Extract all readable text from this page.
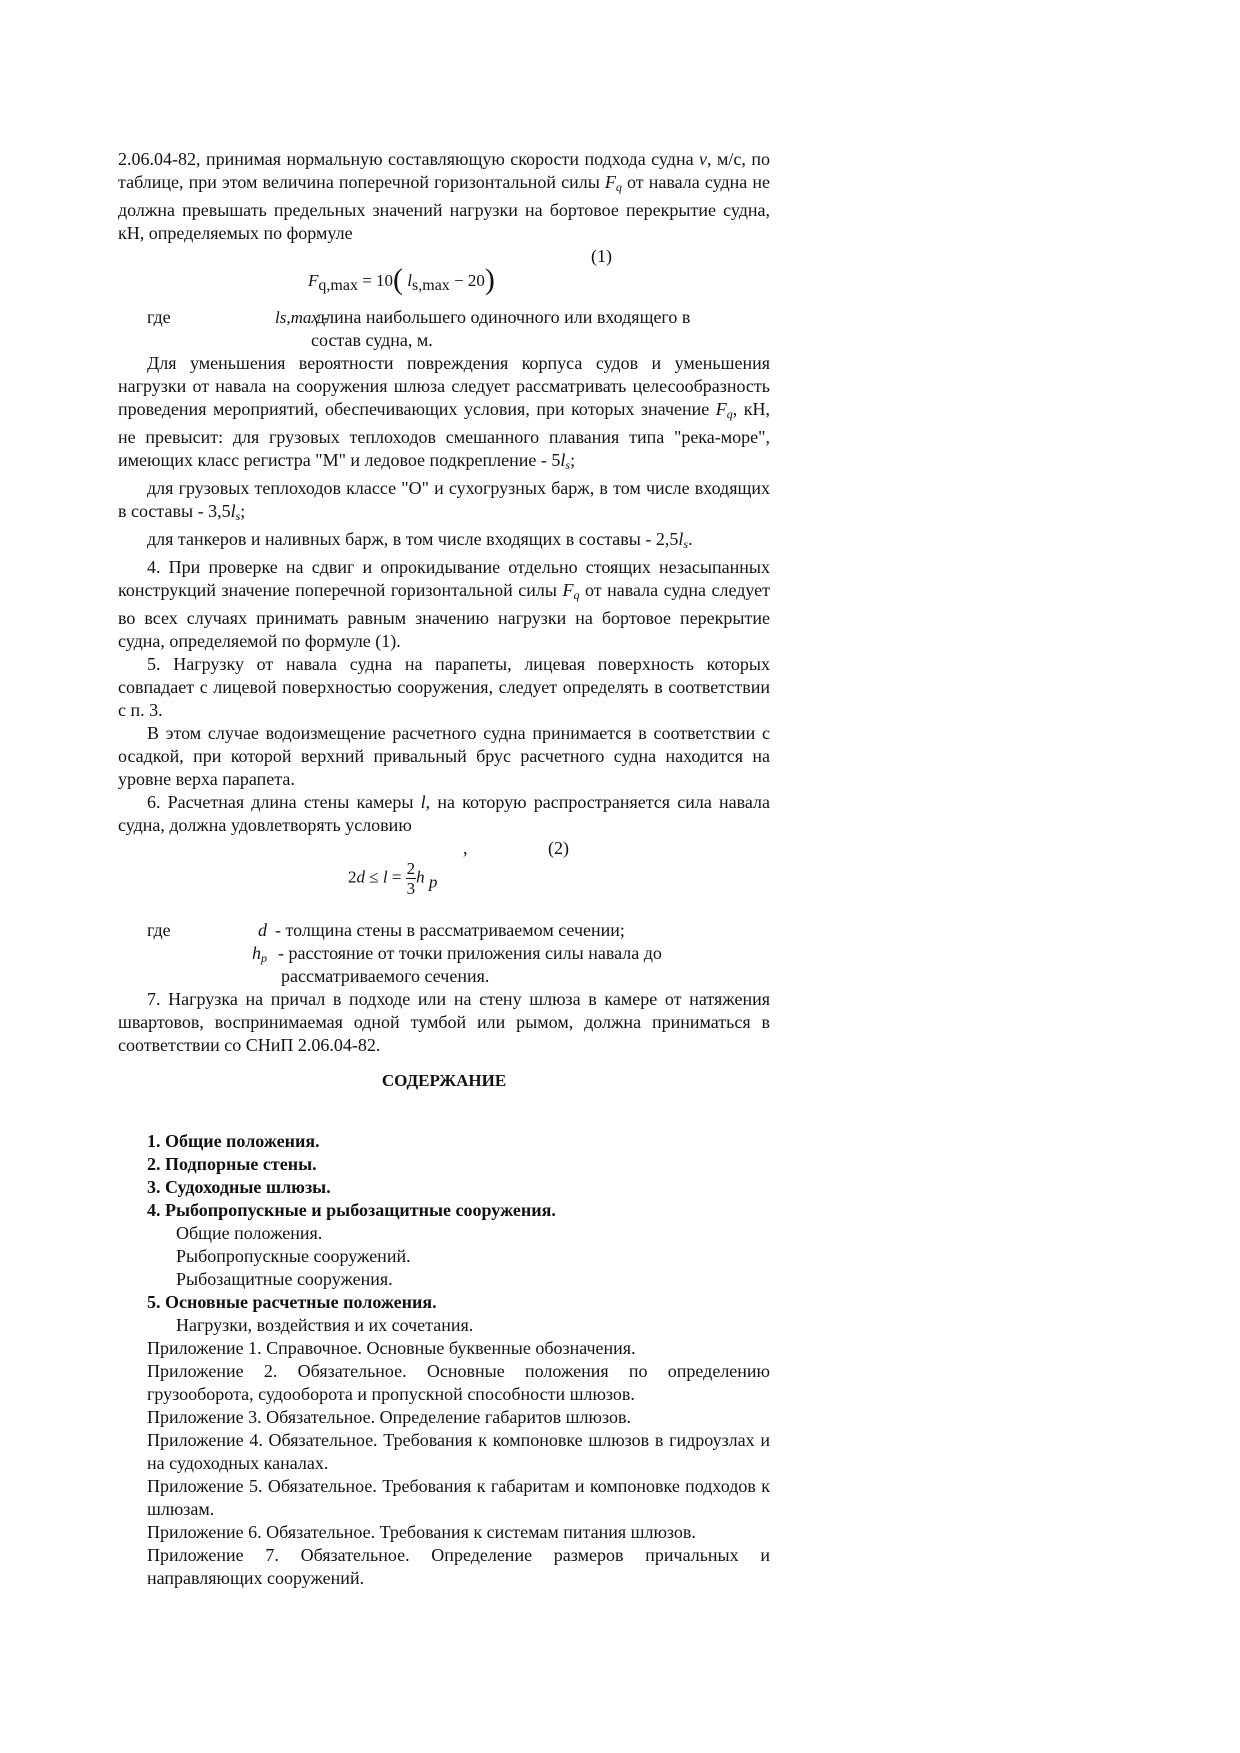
2.06.04-82, принимая нормальную составляющую скорости подхода судна v, м/с, по таблице, при этом величина поперечной горизонтальной силы $F_q$ от навала судна не должна превышать предельных значений нагрузки на бортовое перекрытие судна, кН, определяемых по формуле

(1)
$F_{q,max} = 10$( $l_{s,max} - 20$)
где	ls,max -
длина наибольшего одиночного или входящего в

состав судна, м.

Для уменьшения вероятности повреждения корпуса судов и уменьшения нагрузки от навала на сооружения шлюза следует рассматривать целесообразность проведения мероприятий, обеспечивающих условия, при которых значение $F_q$, кН, не превысит: для грузовых теплоходов смешанного плавания типа "река-море", имеющих класс регистра "М" и ледовое подкрепление - $5l_s$;

для грузовых теплоходов классе "О" и сухогрузных барж, в том числе входящих в составы - $3,5l_s$;

для танкеров и наливных барж, в том числе входящих в составы - $2,5l_s$.

4. При проверке на сдвиг и опрокидывание отдельно стоящих незасыпанных конструкций значение поперечной горизонтальной силы $F_q$ от навала судна следует во всех случаях принимать равным значению нагрузки на бортовое перекрытие судна, определяемой по формуле (1).

5. Нагрузку от навала судна на парапеты, лицевая поверхность которых совпадает с лицевой поверхностью сооружения, следует определять в соответствии с п. 3.

В этом случае водоизмещение расчетного судна принимается в соответствии с осадкой, при которой верхний привальный брус расчетного судна находится на уровне верха парапета.

6. Расчетная длина стены камеры l, на которую распространяется сила навала судна, должна удовлетворять условию

,	(2)
$2d \le l = \frac{2}{3}$ h p
где	d - толщина стены в рассматриваемом сечении;
$h_p$ - расстояние от точки приложения силы навала до

рассматриваемого сечения.

7. Нагрузка на причал в подходе или на стену шлюза в камере от натяжения швартовов, воспринимаемая одной тумбой или рымом, должна приниматься в соответствии со СНиП 2.06.04-82.

СОДЕРЖАНИЕ

1. Общие положения.

2. Подпорные стены.

3. Судоходные шлюзы.

4. Рыбопропускные и рыбозащитные сооружения.

Общие положения.

Рыбопропускные сооружений.

Рыбозащитные сооружения.

5. Основные расчетные положения.

Нагрузки, воздействия и их сочетания.

Приложение 1. Справочное. Основные буквенные обозначения.

Приложение 2. Обязательное. Основные положения по определению грузооборота, судооборота и пропускной способности шлюзов.

Приложение 3. Обязательное. Определение габаритов шлюзов.

Приложение 4. Обязательное. Требования к компоновке шлюзов в гидроузлах и на судоходных каналах.

Приложение 5. Обязательное. Требования к габаритам и компоновке подходов к шлюзам.

Приложение 6. Обязательное. Требования к системам питания шлюзов.

Приложение 7. Обязательное. Определение размеров причальных и направляющих сооружений.
